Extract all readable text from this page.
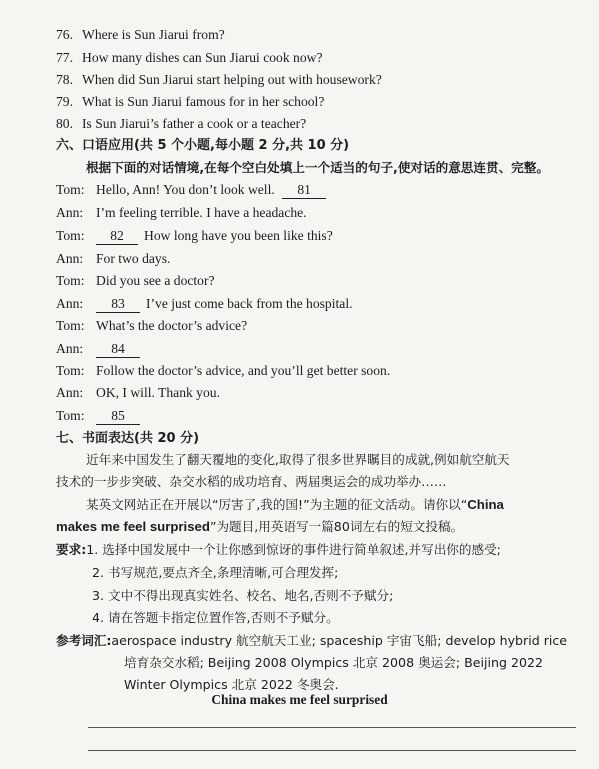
76. Where is Sun Jiarui from?
77. How many dishes can Sun Jiarui cook now?
78. When did Sun Jiarui start helping out with housework?
79. What is Sun Jiarui famous for in her school?
80. Is Sun Jiarui’s father a cook or a teacher?
六、口语应用(共 5 个小题,每小题 2 分,共 10 分)
根据下面的对话情境,在每个空白处填上一个适当的句子,使对话的意思连贯、完整。
Tom: Hello, Ann! You don’t look well. 81
Ann: I’m feeling terrible. I have a headache.
Tom: 82 How long have you been like this?
Ann: For two days.
Tom: Did you see a doctor?
Ann: 83 I’ve just come back from the hospital.
Tom: What’s the doctor’s advice?
Ann: 84
Tom: Follow the doctor’s advice, and you’ll get better soon.
Ann: OK, I will. Thank you.
Tom: 85
七、书面表达(共 20 分)
近年来中国发生了翻天覆地的变化,取得了很多世界瞩目的成就,例如航空航天
技术的一步步突破、杂交水稻的成功培育、两届奥运会的成功举办……
某英文网站正在开展以“厉害了,我的国!”为主题的征文活动。请你以“China
makes me feel surprised”为题目,用英语写一篇80词左右的短文投稿。
要求:1. 选择中国发展中一个让你感到惊讶的事件进行简单叙述,并写出你的感受;
2. 书写规范,要点齐全,条理清晰,可合理发挥;
3. 文中不得出现真实姓名、校名、地名,否则不予赋分;
4. 请在答题卡指定位置作答,否则不予赋分。
参考词汇:aerospace industry 航空航天工业; spaceship 宇宙飞船; develop hybrid rice
培育杂交水稻; Beijing 2008 Olympics 北京 2008 奥运会; Beijing 2022
Winter Olympics 北京 2022 冬奥会.
China makes me feel surprised
